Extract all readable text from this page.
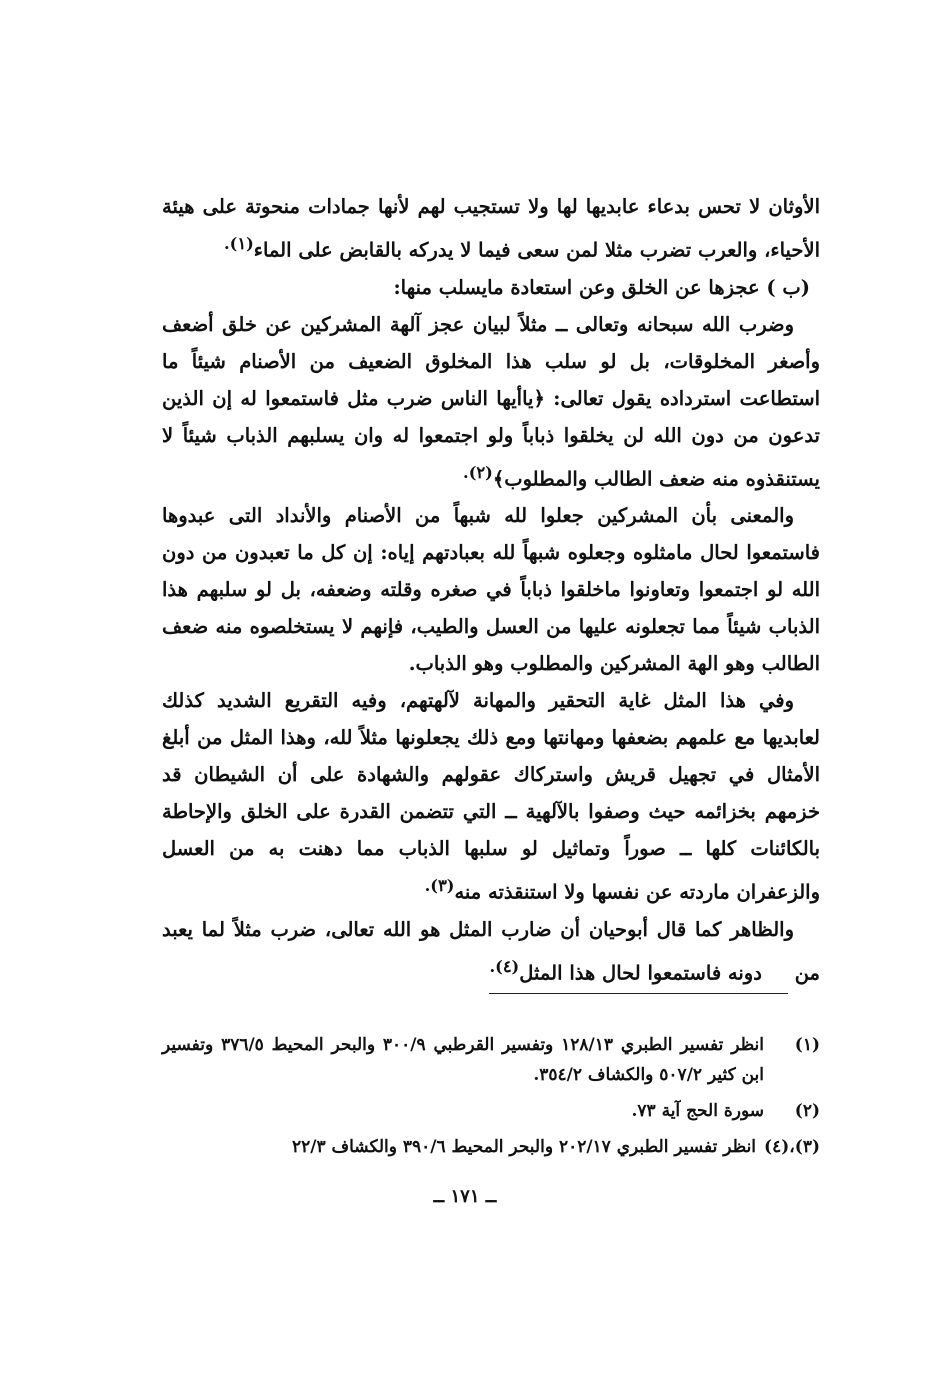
الأوثان لا تحس بدعاء عابديها لها ولا تستجيب لهم لأنها جمادات منحوتة على هيئة الأحياء، والعرب تضرب مثلا لمن سعى فيما لا يدركه بالقابض على الماء$^{(١).}$

(ب ) عجزها عن الخلق وعن استعادة مايسلب منها:

وضرب الله سبحانه وتعالى ــ مثلاً لبيان عجز آلهة المشركين عن خلق أضعف وأصغر المخلوقات، بل لو سلب هذا المخلوق الضعيف من الأصنام شيئاً ما استطاعت استرداده يقول تعالى: ﴿ياأيها الناس ضرب مثل فاستمعوا له إن الذين تدعون من دون الله لن يخلقوا ذباباً ولو اجتمعوا له وان يسلبهم الذباب شيئاً لا يستنقذوه منه ضعف الطالب والمطلوب﴾$^{(٢).}$

والمعنى بأن المشركين جعلوا لله شبهاً من الأصنام والأنداد التى عبدوها فاستمعوا لحال مامثلوه وجعلوه شبهاً لله بعبادتهم إياه: إن كل ما تعبدون من دون الله لو اجتمعوا وتعاونوا ماخلقوا ذباباً في صغره وقلته وضعفه، بل لو سلبهم هذا الذباب شيئاً مما تجعلونه عليها من العسل والطيب، فإنهم لا يستخلصوه منه ضعف الطالب وهو الهة المشركين والمطلوب وهو الذباب.

وفي هذا المثل غاية التحقير والمهانة لآلهتهم، وفيه التقريع الشديد كذلك لعابديها مع علمهم بضعفها ومهانتها ومع ذلك يجعلونها مثلاً لله، وهذا المثل من أبلغ الأمثال في تجهيل قريش واستركاك عقولهم والشهادة على أن الشيطان قد خزمهم بخزائمه حيث وصفوا بالآلهية ــ التي تتضمن القدرة على الخلق والإحاطة بالكائنات كلها ــ صوراً وتماثيل لو سلبها الذباب مما دهنت به من العسل والزعفران ماردته عن نفسها ولا استنقذته منه$^{(٣).}$

والظاهر كما قال أبوحيان أن ضارب المثل هو الله تعالى، ضرب مثلاً لما يعبد من دونه فاستمعوا لحال هذا المثل$^{(٤).}$

(١)
انظر تفسير الطبري ١٢٨/١٣ وتفسير القرطبي ٣٠٠/٩ والبحر المحيط ٣٧٦/٥ وتفسير ابن كثير ٥٠٧/٢ والكشاف ٣٥٤/٢.
(٢)
سورة الحج آية ٧٣.
(٣)،(٤)
انظر تفسير الطبري ٢٠٢/١٧ والبحر المحيط ٣٩٠/٦ والكشاف ٢٢/٣
ــ ١٧١ ــ
